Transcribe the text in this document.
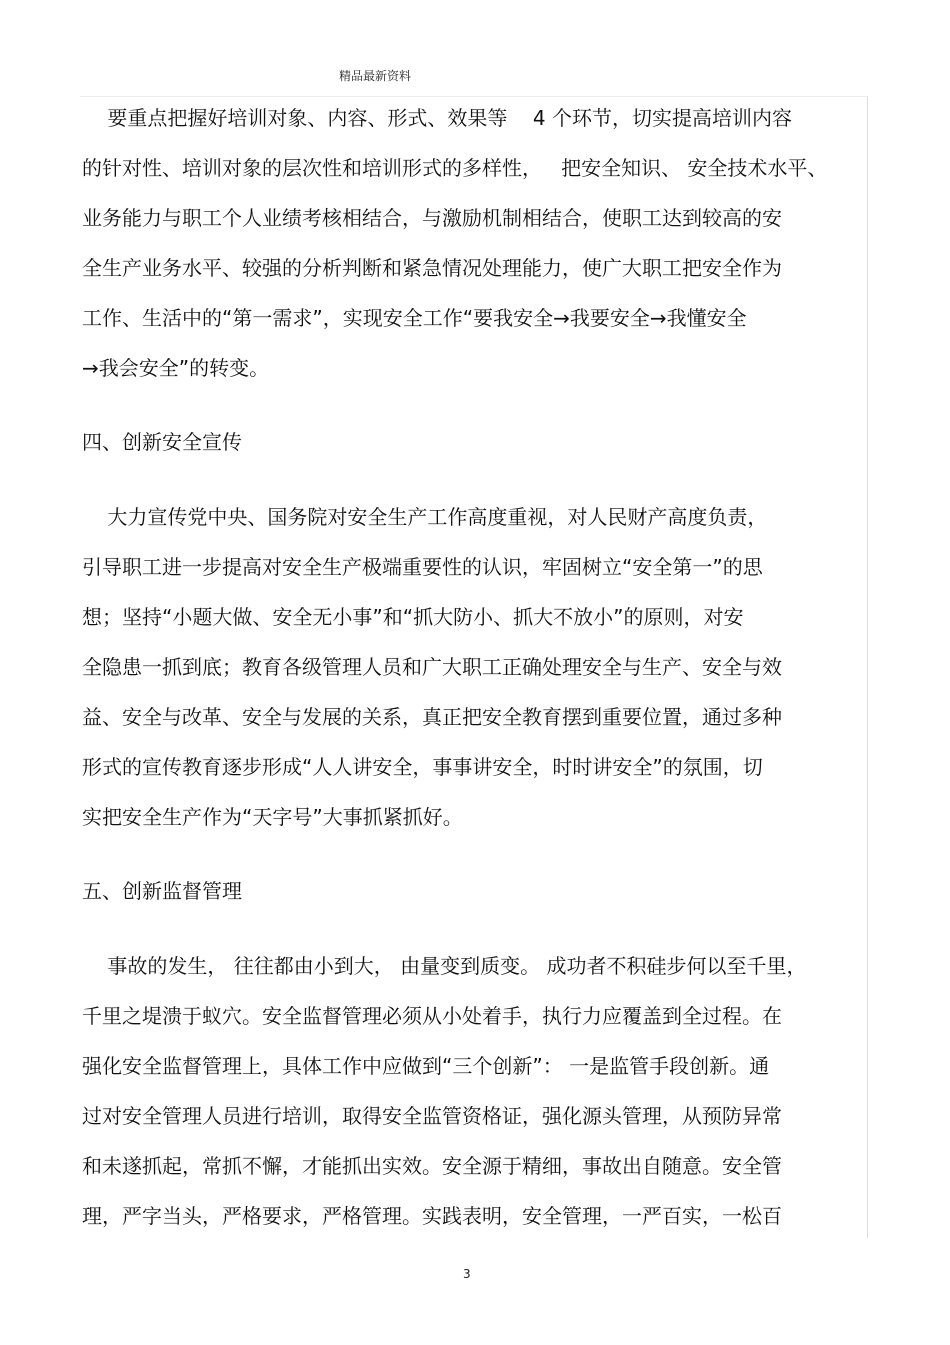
精品最新资料
要重点把握好培训对象、内容、形式、效果等    4 个环节，切实提高培训内容
的针对性、培训对象的层次性和培训形式的多样性，   把安全知识、 安全技术水平、
业务能力与职工个人业绩考核相结合，与激励机制相结合，使职工达到较高的安
全生产业务水平、较强的分析判断和紧急情况处理能力，使广大职工把安全作为
工作、生活中的“第一需求”，实现安全工作“要我安全→我要安全→我懂安全
→我会安全”的转变。
四、创新安全宣传
大力宣传党中央、国务院对安全生产工作高度重视，对人民财产高度负责，
引导职工进一步提高对安全生产极端重要性的认识，牢固树立“安全第一”的思
想；坚持“小题大做、安全无小事”和“抓大防小、抓大不放小”的原则，对安
全隐患一抓到底；教育各级管理人员和广大职工正确处理安全与生产、安全与效
益、安全与改革、安全与发展的关系，真正把安全教育摆到重要位置，通过多种
形式的宣传教育逐步形成“人人讲安全，事事讲安全，时时讲安全”的氛围，切
实把安全生产作为“天字号”大事抓紧抓好。
五、创新监督管理
事故的发生， 往往都由小到大， 由量变到质变。 成功者不积硅步何以至千里，
千里之堤溃于蚁穴。安全监督管理必须从小处着手，执行力应覆盖到全过程。在
强化安全监督管理上，具体工作中应做到“三个创新”： 一是监管手段创新。通
过对安全管理人员进行培训，取得安全监管资格证，强化源头管理，从预防异常
和未遂抓起，常抓不懈，才能抓出实效。安全源于精细，事故出自随意。安全管
理，严字当头，严格要求，严格管理。实践表明，安全管理，一严百实，一松百
3
